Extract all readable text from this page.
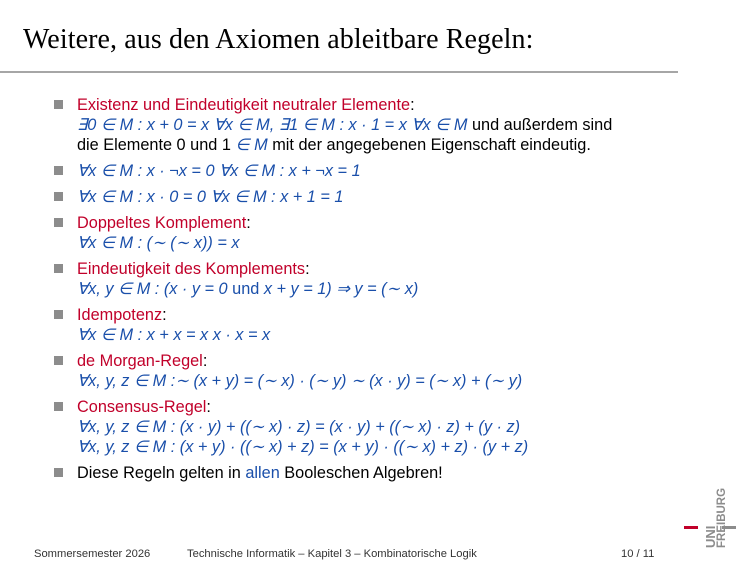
Weitere, aus den Axiomen ableitbare Regeln:
Existenz und Eindeutigkeit neutraler Elemente:
∃0 ∈ M : x + 0 = x ∀x ∈ M, ∃1 ∈ M : x · 1 = x ∀x ∈ M und außerdem sind
die Elemente 0 und 1 ∈ M mit der angegebenen Eigenschaft eindeutig.
∀x ∈ M : x · ¬x = 0 ∀x ∈ M : x + ¬x = 1
∀x ∈ M : x · 0 = 0 ∀x ∈ M : x + 1 = 1
Doppeltes Komplement:
∀x ∈ M : (∼ (∼ x)) = x
Eindeutigkeit des Komplements:
∀x, y ∈ M : (x · y = 0 und x + y = 1) ⇒ y = (∼ x)
Idempotenz:
∀x ∈ M : x + x = x x · x = x
de Morgan-Regel:
∀x, y, z ∈ M :∼ (x + y) = (∼ x) · (∼ y) ∼ (x · y) = (∼ x) + (∼ y)
Consensus-Regel:
∀x, y, z ∈ M : (x · y) + ((∼ x) · z) = (x · y) + ((∼ x) · z) + (y · z)
∀x, y, z ∈ M : (x + y) · ((∼ x) + z) = (x + y) · ((∼ x) + z) · (y + z)
Diese Regeln gelten in allen Booleschen Algebren!
Sommersemester 2026	Technische Informatik – Kapitel 3 – Kombinatorische Logik	10 / 11
UNI
FREIBURG
